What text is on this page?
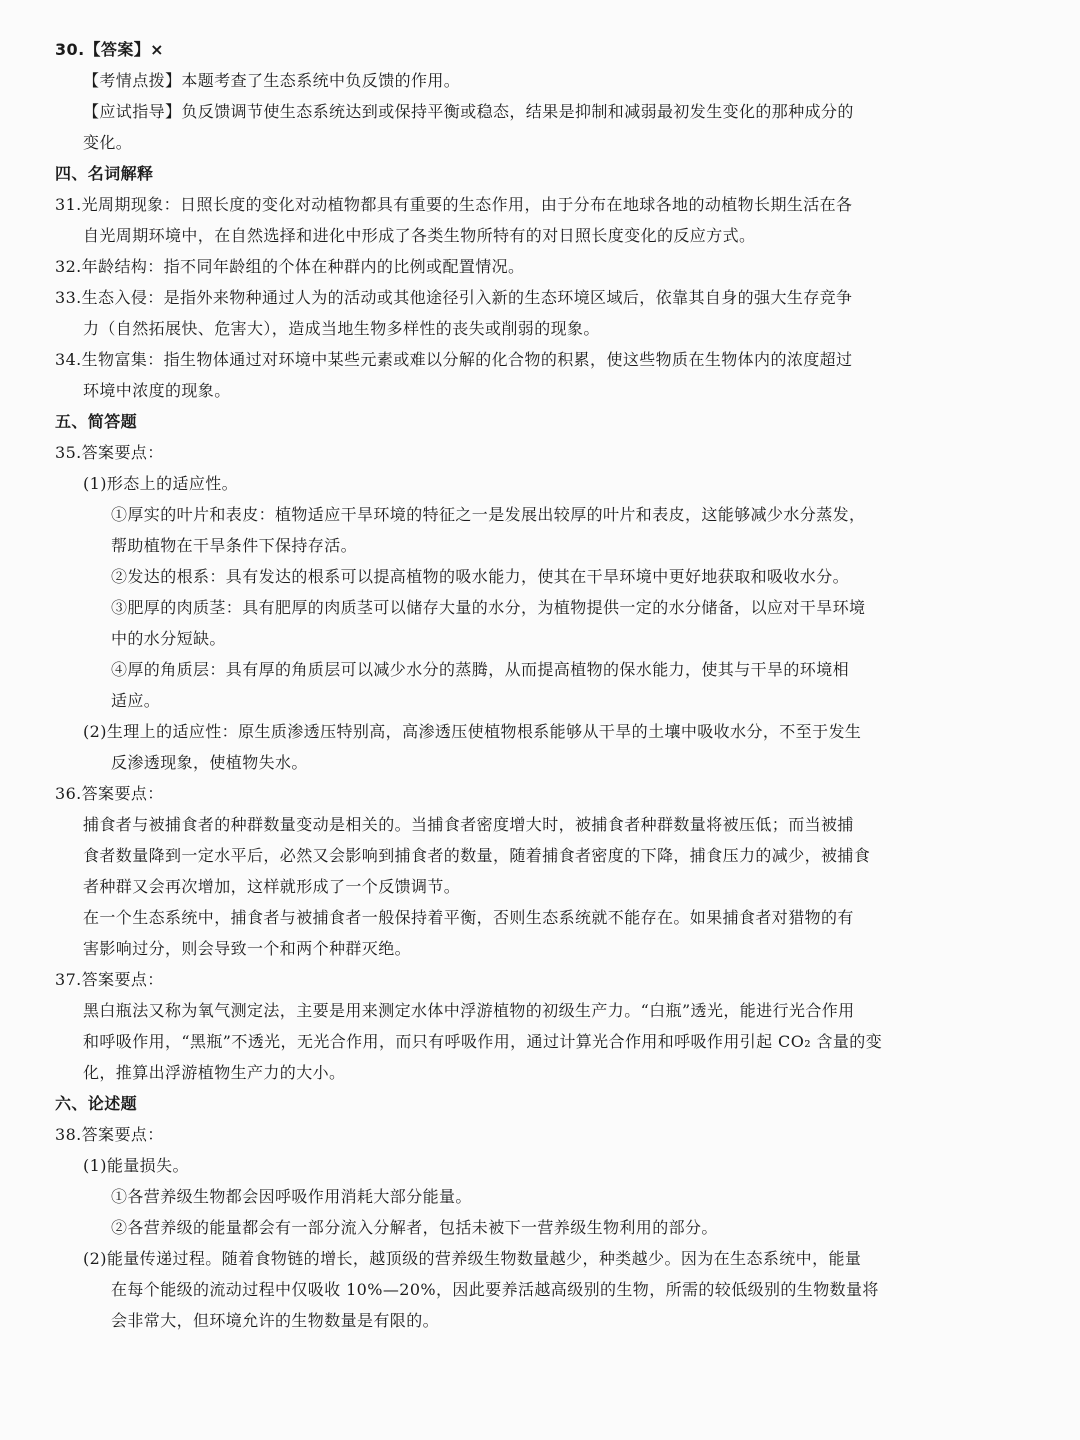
30.【答案】×
【考情点拨】本题考查了生态系统中负反馈的作用。
【应试指导】负反馈调节使生态系统达到或保持平衡或稳态，结果是抑制和减弱最初发生变化的那种成分的
变化。
四、名词解释
31.光周期现象：日照长度的变化对动植物都具有重要的生态作用，由于分布在地球各地的动植物长期生活在各
自光周期环境中，在自然选择和进化中形成了各类生物所特有的对日照长度变化的反应方式。
32.年龄结构：指不同年龄组的个体在种群内的比例或配置情况。
33.生态入侵：是指外来物种通过人为的活动或其他途径引入新的生态环境区域后，依靠其自身的强大生存竞争
力（自然拓展快、危害大），造成当地生物多样性的丧失或削弱的现象。
34.生物富集：指生物体通过对环境中某些元素或难以分解的化合物的积累，使这些物质在生物体内的浓度超过
环境中浓度的现象。
五、简答题
35.答案要点：
(1)形态上的适应性。
①厚实的叶片和表皮：植物适应干旱环境的特征之一是发展出较厚的叶片和表皮，这能够减少水分蒸发，
帮助植物在干旱条件下保持存活。
②发达的根系：具有发达的根系可以提高植物的吸水能力，使其在干旱环境中更好地获取和吸收水分。
③肥厚的肉质茎：具有肥厚的肉质茎可以储存大量的水分，为植物提供一定的水分储备，以应对干旱环境
中的水分短缺。
④厚的角质层：具有厚的角质层可以减少水分的蒸腾，从而提高植物的保水能力，使其与干旱的环境相
适应。
(2)生理上的适应性：原生质渗透压特别高，高渗透压使植物根系能够从干旱的土壤中吸收水分，不至于发生
反渗透现象，使植物失水。
36.答案要点：
捕食者与被捕食者的种群数量变动是相关的。当捕食者密度增大时，被捕食者种群数量将被压低；而当被捕
食者数量降到一定水平后，必然又会影响到捕食者的数量，随着捕食者密度的下降，捕食压力的减少，被捕食
者种群又会再次增加，这样就形成了一个反馈调节。
在一个生态系统中，捕食者与被捕食者一般保持着平衡，否则生态系统就不能存在。如果捕食者对猎物的有
害影响过分，则会导致一个和两个种群灭绝。
37.答案要点：
黑白瓶法又称为氧气测定法，主要是用来测定水体中浮游植物的初级生产力。“白瓶”透光，能进行光合作用
和呼吸作用，“黑瓶”不透光，无光合作用，而只有呼吸作用，通过计算光合作用和呼吸作用引起 CO₂ 含量的变
化，推算出浮游植物生产力的大小。
六、论述题
38.答案要点：
(1)能量损失。
①各营养级生物都会因呼吸作用消耗大部分能量。
②各营养级的能量都会有一部分流入分解者，包括未被下一营养级生物利用的部分。
(2)能量传递过程。随着食物链的增长，越顶级的营养级生物数量越少，种类越少。因为在生态系统中，能量
在每个能级的流动过程中仅吸收 10%—20%，因此要养活越高级别的生物，所需的较低级别的生物数量将
会非常大，但环境允许的生物数量是有限的。
